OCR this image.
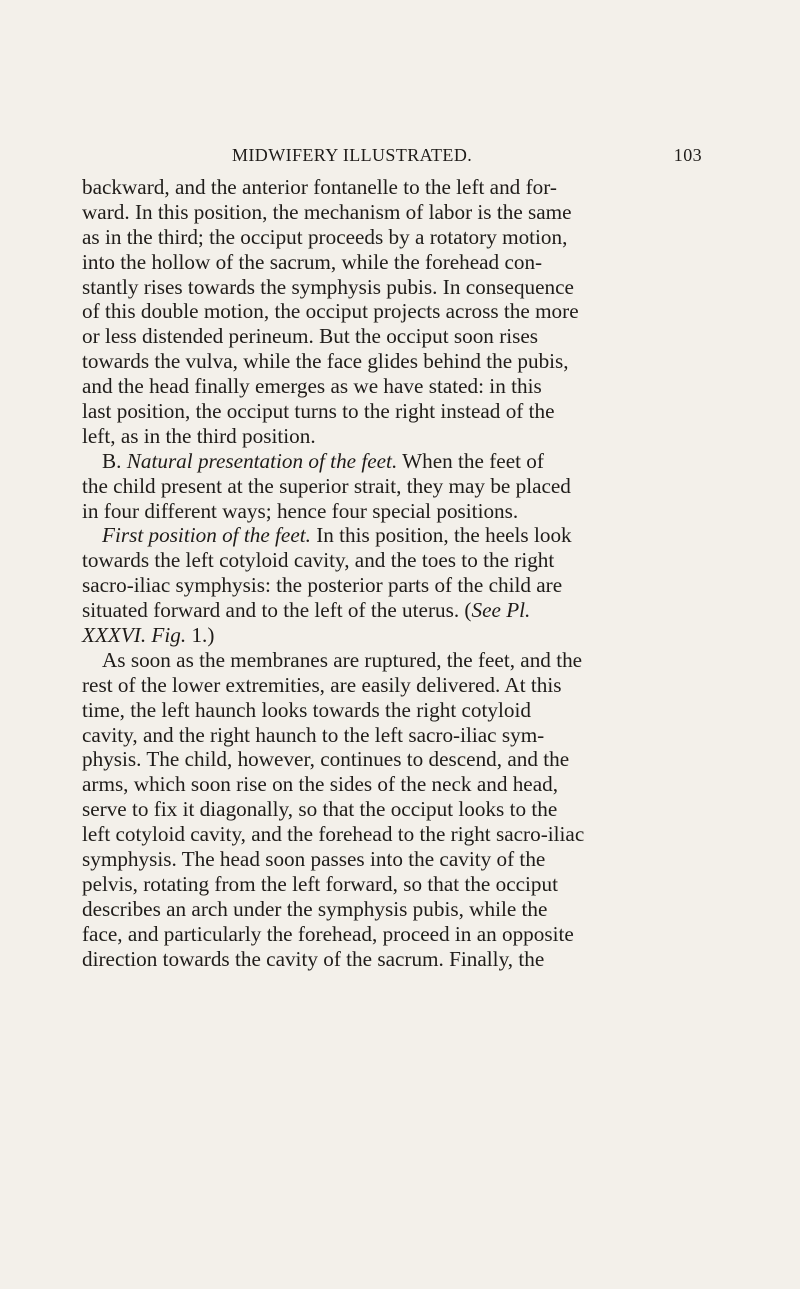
MIDWIFERY ILLUSTRATED.	103
backward, and the anterior fontanelle to the left and for-
ward. In this position, the mechanism of labor is the same
as in the third; the occiput proceeds by a rotatory motion,
into the hollow of the sacrum, while the forehead con-
stantly rises towards the symphysis pubis. In consequence
of this double motion, the occiput projects across the more
or less distended perineum. But the occiput soon rises
towards the vulva, while the face glides behind the pubis,
and the head finally emerges as we have stated: in this
last position, the occiput turns to the right instead of the
left, as in the third position.
B. Natural presentation of the feet. When the feet of
the child present at the superior strait, they may be placed
in four different ways; hence four special positions.
First position of the feet. In this position, the heels look
towards the left cotyloid cavity, and the toes to the right
sacro-iliac symphysis: the posterior parts of the child are
situated forward and to the left of the uterus. (See Pl.
XXXVI. Fig. 1.)
As soon as the membranes are ruptured, the feet, and the
rest of the lower extremities, are easily delivered. At this
time, the left haunch looks towards the right cotyloid
cavity, and the right haunch to the left sacro-iliac sym-
physis. The child, however, continues to descend, and the
arms, which soon rise on the sides of the neck and head,
serve to fix it diagonally, so that the occiput looks to the
left cotyloid cavity, and the forehead to the right sacro-iliac
symphysis. The head soon passes into the cavity of the
pelvis, rotating from the left forward, so that the occiput
describes an arch under the symphysis pubis, while the
face, and particularly the forehead, proceed in an opposite
direction towards the cavity of the sacrum. Finally, the
